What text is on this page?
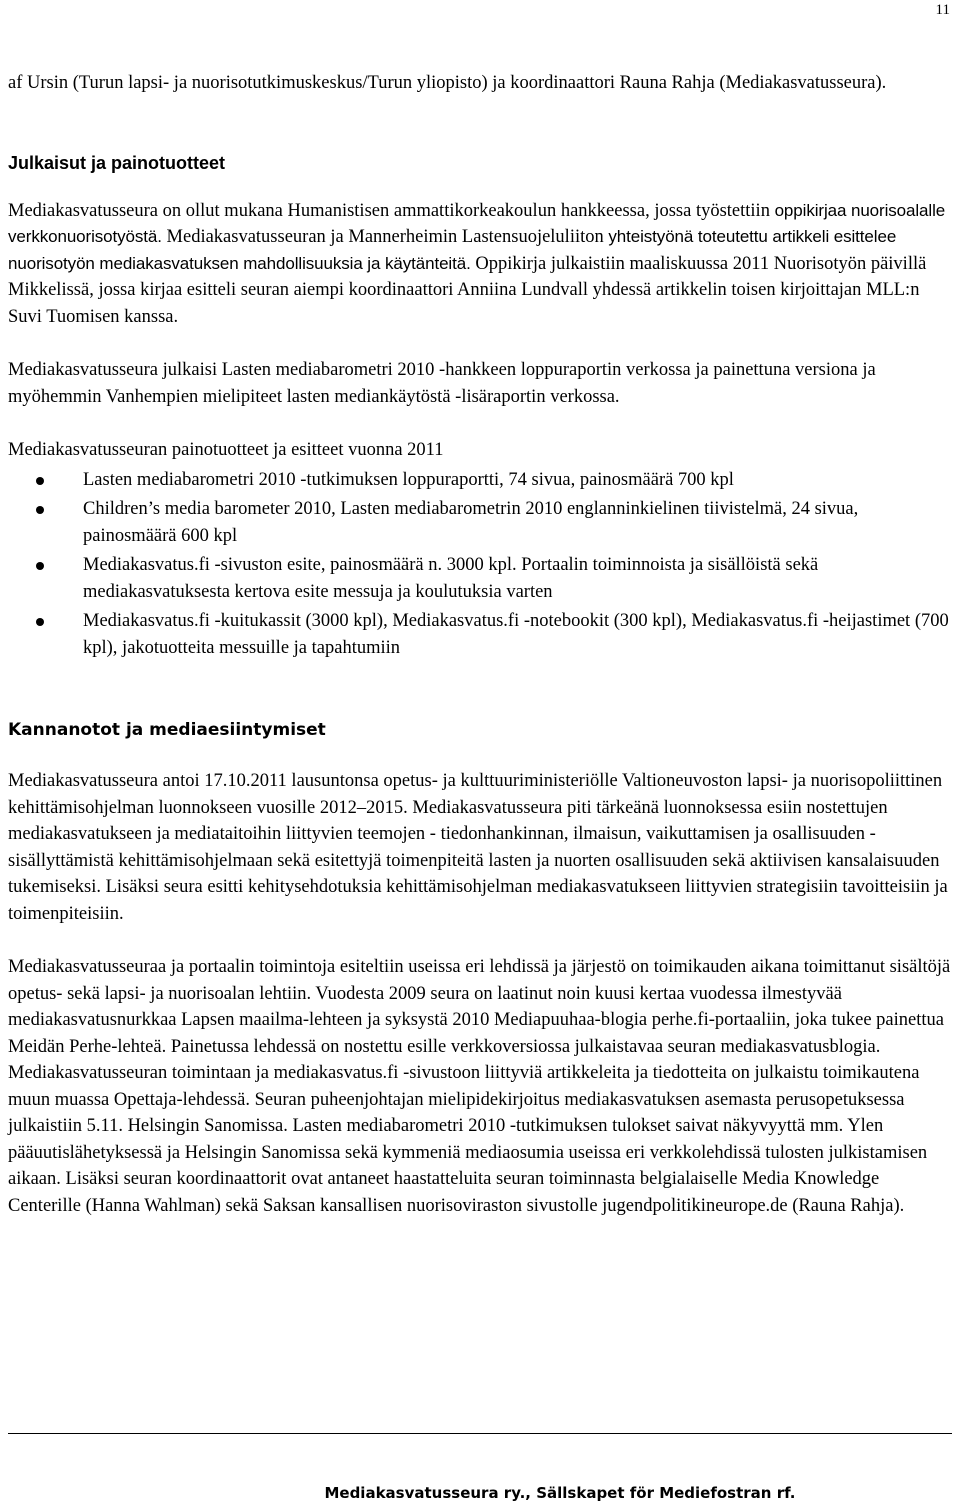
11

af Ursin (Turun lapsi- ja nuorisotutkimuskeskus/Turun yliopisto) ja koordinaattori Rauna Rahja (Mediakasvatusseura).

Julkaisut ja painotuotteet

Mediakasvatusseura on ollut mukana Humanistisen ammattikorkeakoulun hankkeessa, jossa työstettiin oppikirjaa nuorisoalalle verkkonuorisotyöstä. Mediakasvatusseuran ja Mannerheimin Lastensuojeluliiton yhteistyönä toteutettu artikkeli esittelee nuorisotyön mediakasvatuksen mahdollisuuksia ja käytänteitä. Oppikirja julkaistiin maaliskuussa 2011 Nuorisotyön päivillä Mikkelissä, jossa kirjaa esitteli seuran aiempi koordinaattori Anniina Lundvall yhdessä artikkelin toisen kirjoittajan MLL:n Suvi Tuomisen kanssa.

Mediakasvatusseura julkaisi Lasten mediabarometri 2010 -hankkeen loppuraportin verkossa ja painettuna versiona ja myöhemmin Vanhempien mielipiteet lasten mediankäytöstä -lisäraportin verkossa.

Mediakasvatusseuran painotuotteet ja esitteet vuonna 2011

Lasten mediabarometri 2010 -tutkimuksen loppuraportti, 74 sivua, painosmäärä 700 kpl
Children’s media barometer 2010, Lasten mediabarometrin 2010 englanninkielinen tiivistelmä, 24 sivua, painosmäärä 600 kpl
Mediakasvatus.fi -sivuston esite, painosmäärä n. 3000 kpl. Portaalin toiminnoista ja sisällöistä sekä mediakasvatuksesta kertova esite messuja ja koulutuksia varten
Mediakasvatus.fi -kuitukassit (3000 kpl), Mediakasvatus.fi -notebookit (300 kpl), Mediakasvatus.fi -heijastimet (700 kpl), jakotuotteita messuille ja tapahtumiin
Kannanotot ja mediaesiintymiset

Mediakasvatusseura antoi 17.10.2011 lausuntonsa opetus- ja kulttuuriministeriölle Valtioneuvoston lapsi- ja nuorisopoliittinen kehittämisohjelman luonnokseen vuosille 2012–2015. Mediakasvatusseura piti tärkeänä luonnoksessa esiin nostettujen mediakasvatukseen ja mediataitoihin liittyvien teemojen - tiedonhankinnan, ilmaisun, vaikuttamisen ja osallisuuden - sisällyttämistä kehittämisohjelmaan sekä esitettyjä toimenpiteitä lasten ja nuorten osallisuuden sekä aktiivisen kansalaisuuden tukemiseksi. Lisäksi seura esitti kehitysehdotuksia kehittämisohjelman mediakasvatukseen liittyvien strategisiin tavoitteisiin ja toimenpiteisiin.

Mediakasvatusseuraa ja portaalin toimintoja esiteltiin useissa eri lehdissä ja järjestö on toimikauden aikana toimittanut sisältöjä opetus- sekä lapsi- ja nuorisoalan lehtiin. Vuodesta 2009 seura on laatinut noin kuusi kertaa vuodessa ilmestyvää mediakasvatusnurkkaa Lapsen maailma-lehteen ja syksystä 2010 Mediapuuhaa-blogia perhe.fi-portaaliin, joka tukee painettua Meidän Perhe-lehteä. Painetussa lehdessä on nostettu esille verkkoversiossa julkaistavaa seuran mediakasvatusblogia. Mediakasvatusseuran toimintaan ja mediakasvatus.fi -sivustoon liittyviä artikkeleita ja tiedotteita on julkaistu toimikautena muun muassa Opettaja-lehdessä. Seuran puheenjohtajan mielipidekirjoitus mediakasvatuksen asemasta perusopetuksessa julkaistiin 5.11. Helsingin Sanomissa. Lasten mediabarometri 2010 -tutkimuksen tulokset saivat näkyvyyttä mm. Ylen pääuutislähetyksessä ja Helsingin Sanomissa sekä kymmeniä mediaosumia useissa eri verkkolehdissä tulosten julkistamisen aikaan. Lisäksi seuran koordinaattorit ovat antaneet haastatteluita seuran toiminnasta belgialaiselle Media Knowledge Centerille (Hanna Wahlman) sekä Saksan kansallisen nuorisoviraston sivustolle jugendpolitikineurope.de (Rauna Rahja).

Mediakasvatusseura ry., Sällskapet för Mediefostran rf.
